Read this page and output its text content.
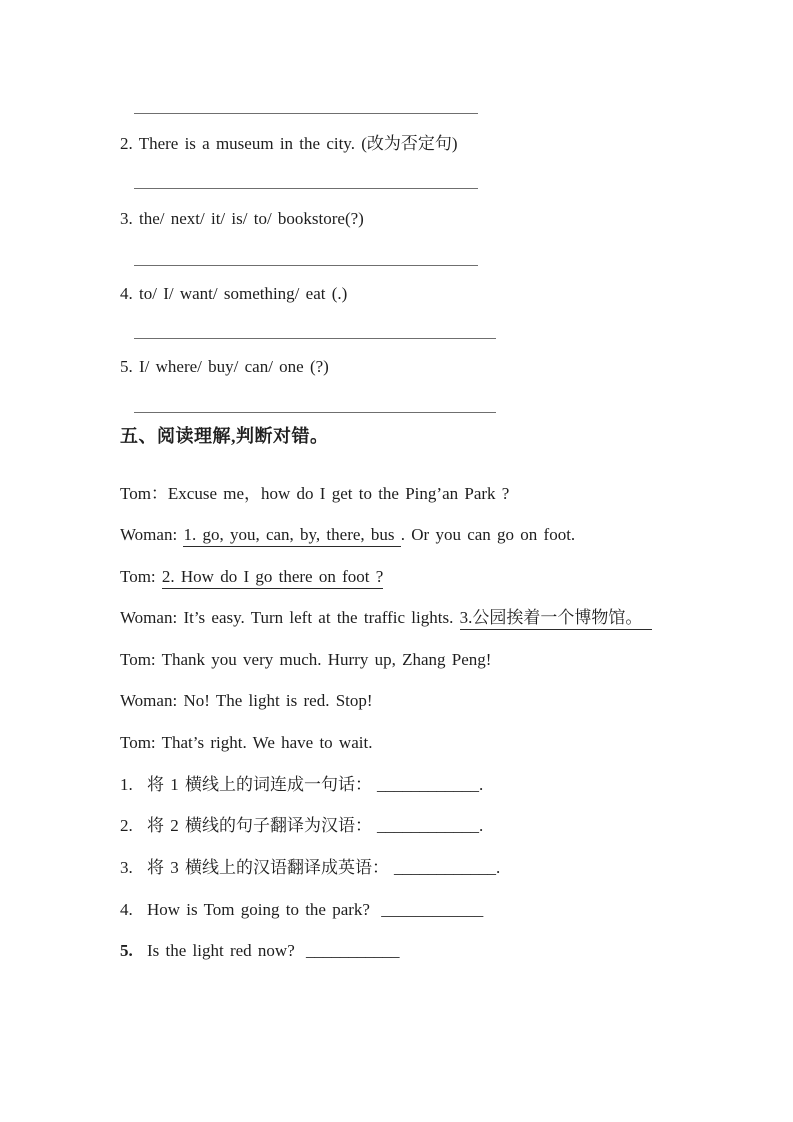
2. There is a museum in the city. (改为否定句)
3. the/ next/ it/ is/ to/ bookstore(?)
4. to/ I/ want/ something/ eat (.)
5. I/ where/ buy/ can/ one (?)
五、阅读理解,判断对错。
Tom：Excuse me，how do I get to the Ping’an Park ?
Woman: 1. go, you, can, by, there, bus . Or you can go on foot.
Tom: 2. How do I go there on foot ?
Woman: It’s easy. Turn left at the traffic lights. 3.公园挨着一个博物馆。
Tom: Thank you very much. Hurry up, Zhang Peng!
Woman: No! The light is red. Stop!
Tom: That’s right. We have to wait.
1. 将 1 横线上的词连成一句话： ____________.
2. 将 2 横线的句子翻译为汉语： ____________.
3. 将 3 横线上的汉语翻译成英语： ____________.
4. How is Tom going to the park? ____________
5. Is the light red now? ___________
